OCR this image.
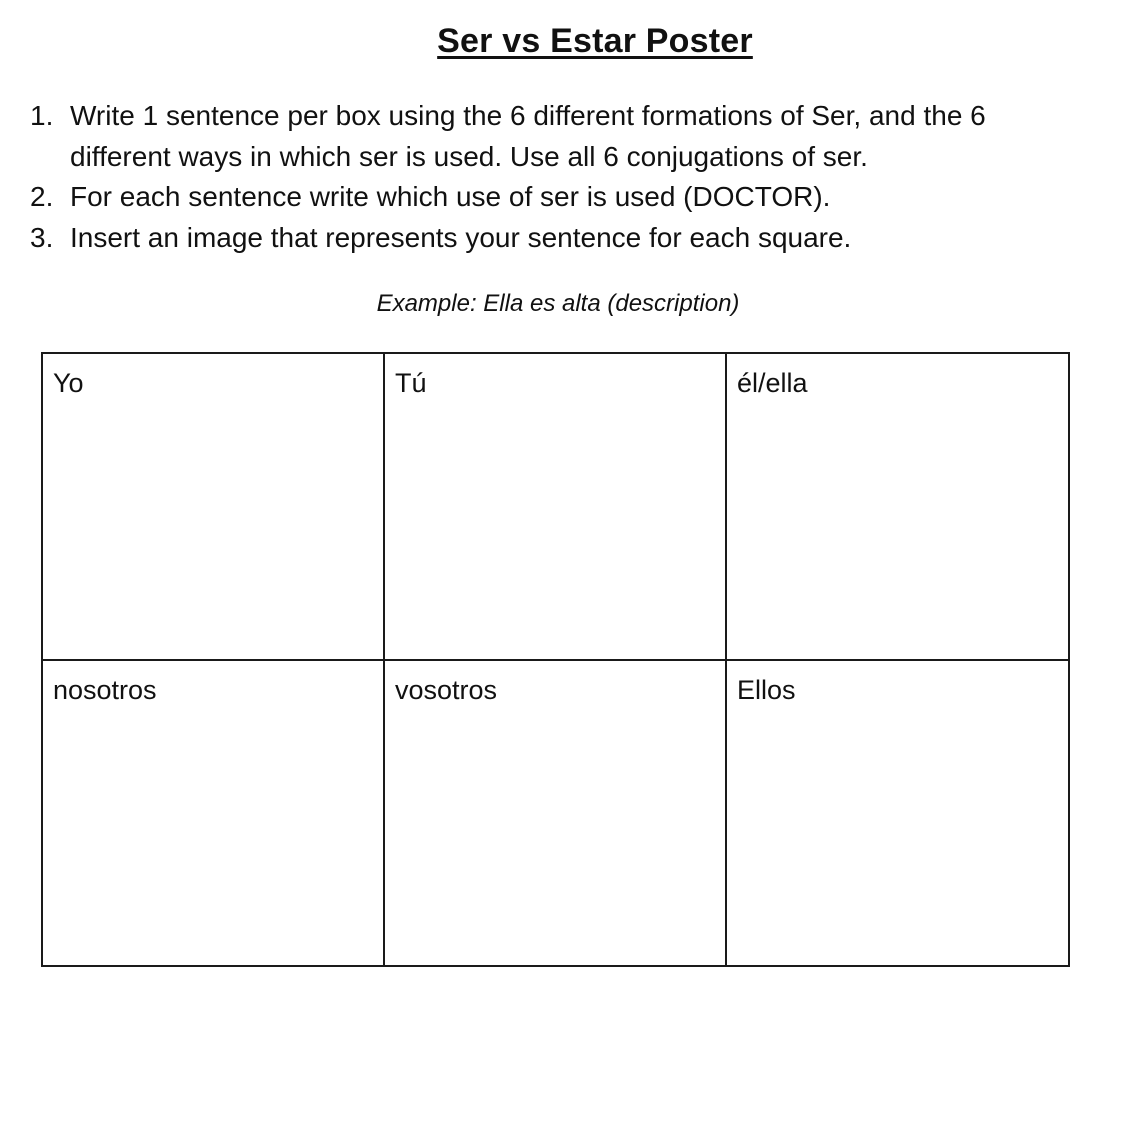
Ser vs Estar Poster
1. Write 1 sentence per box using the 6 different formations of Ser, and the 6 different ways in which ser is used. Use all 6 conjugations of ser.
2. For each sentence write which use of ser is used (DOCTOR).
3. Insert an image that represents your sentence for each square.
Example: Ella es alta (description)
Yo	Tú	él/ella
nosotros	vosotros	Ellos
